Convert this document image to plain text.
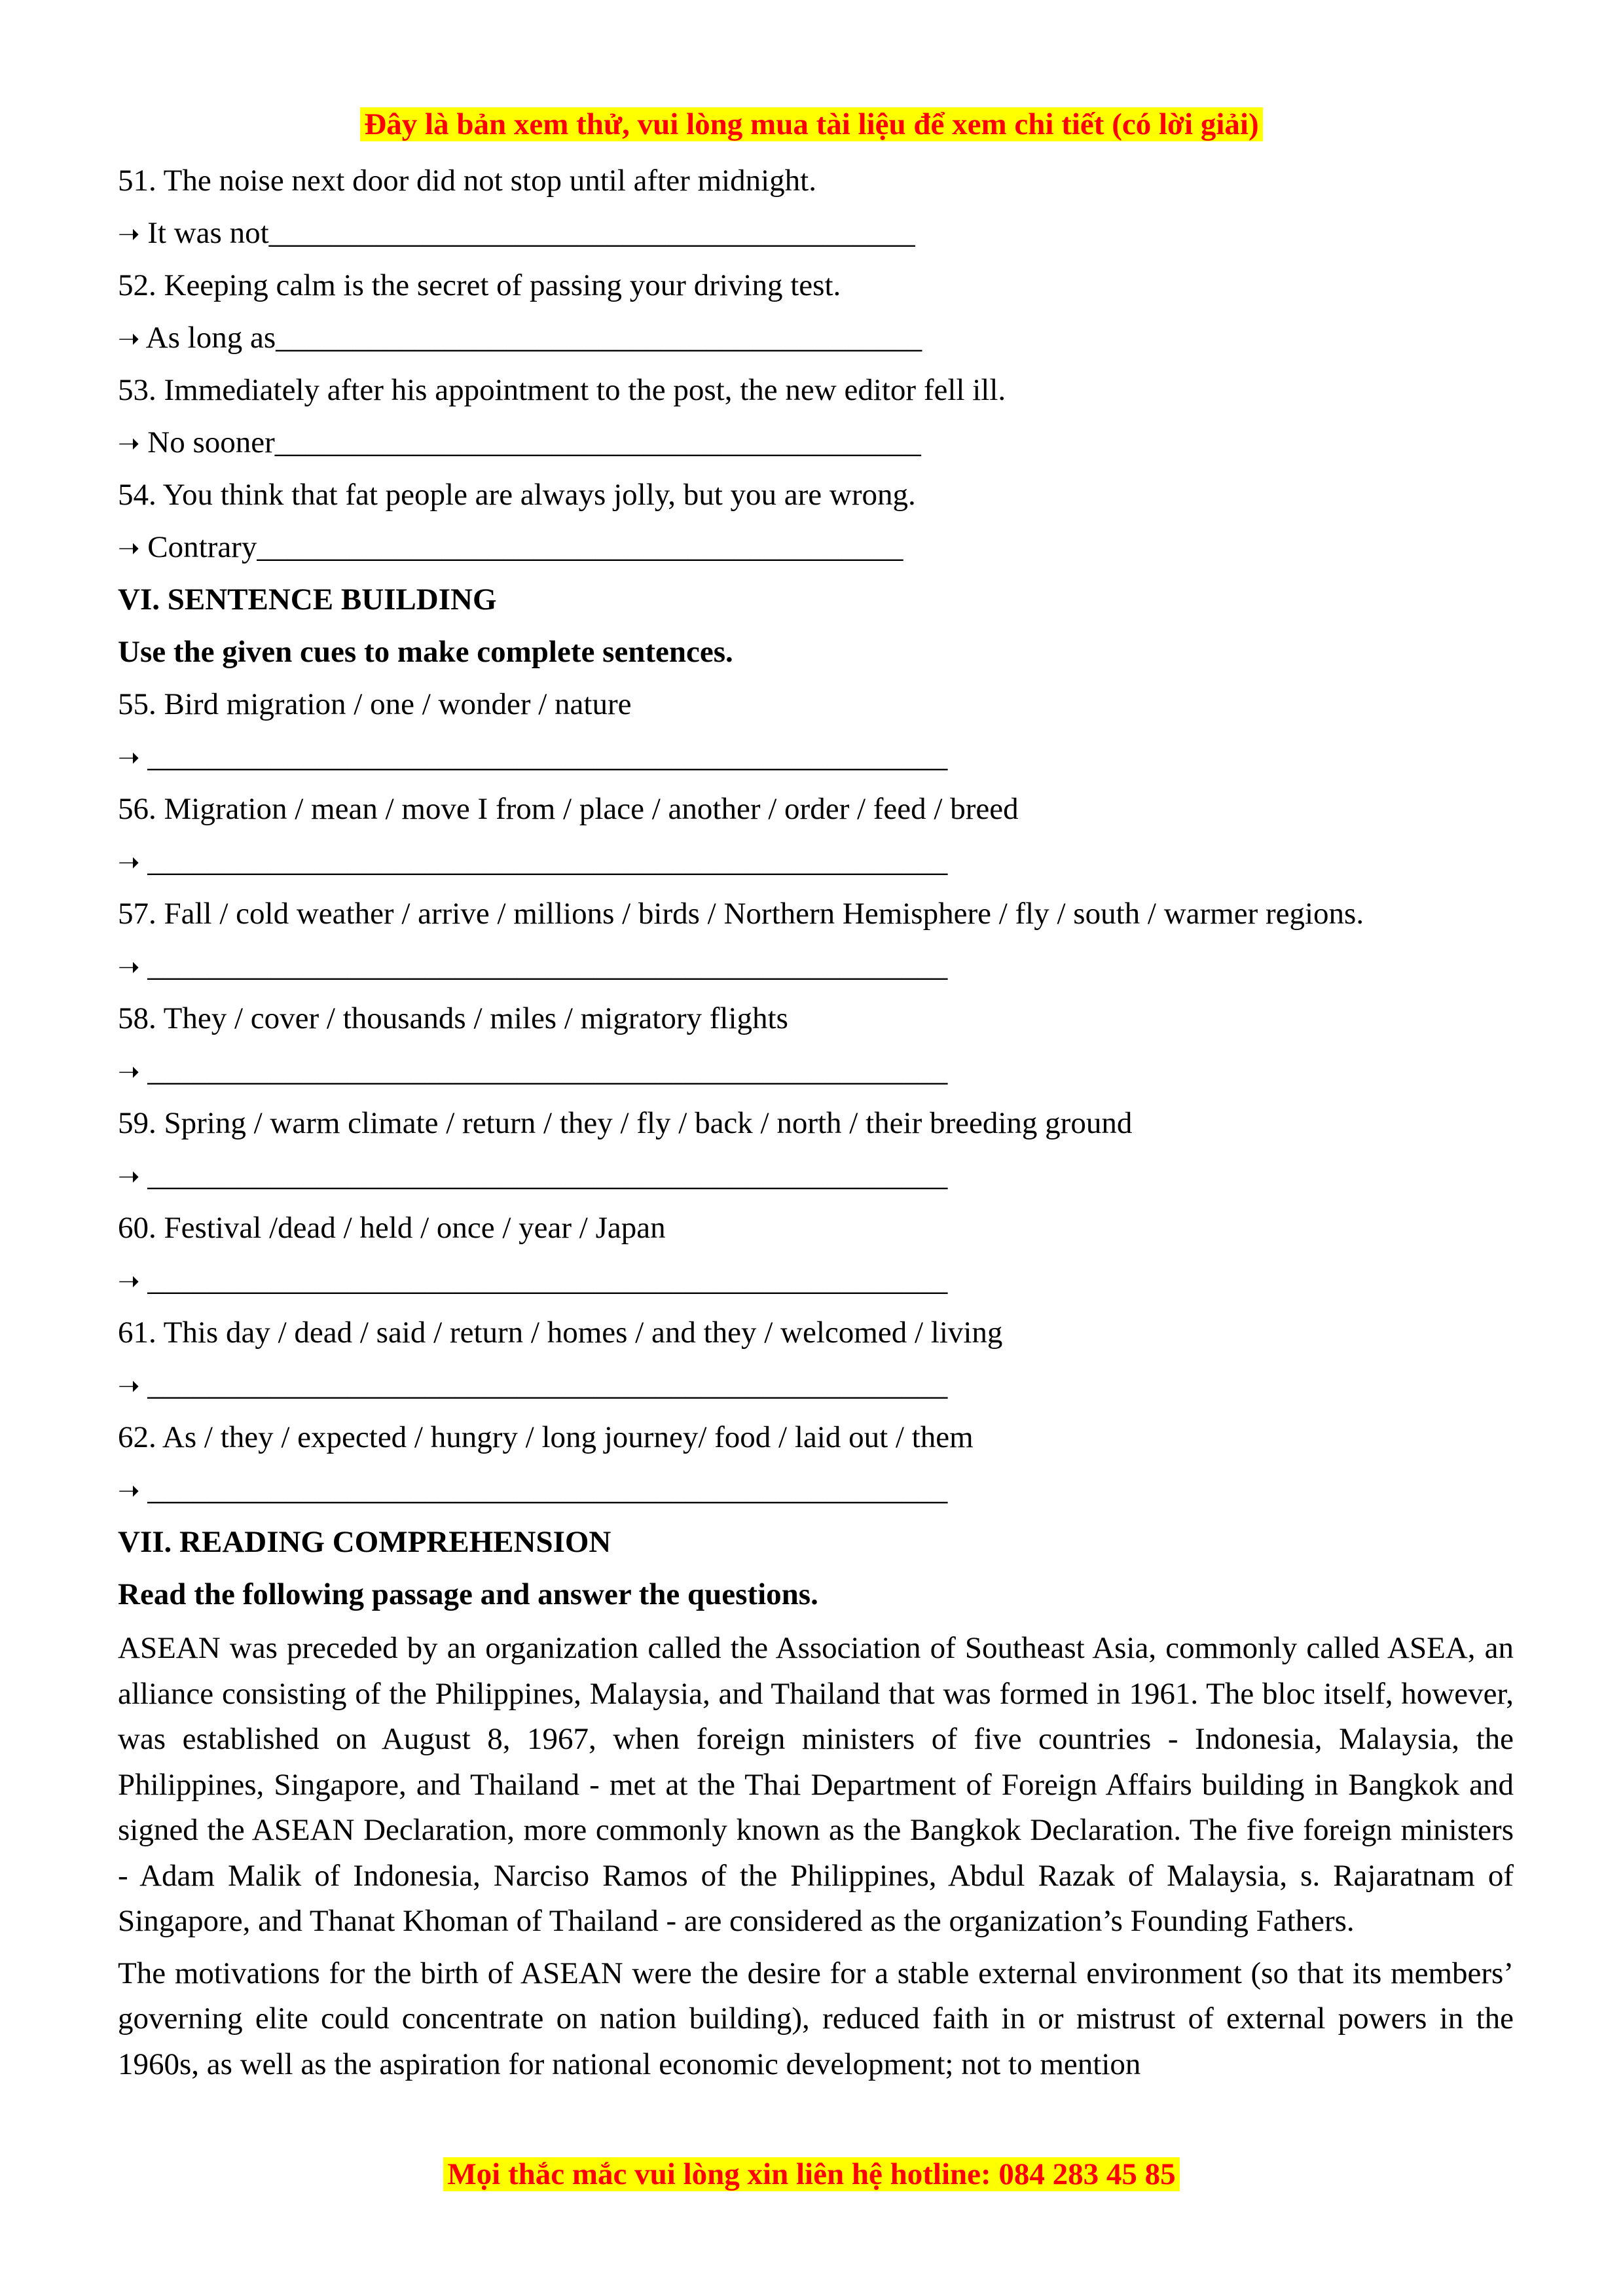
Đây là bản xem thử, vui lòng mua tài liệu để xem chi tiết (có lời giải)
51. The noise next door did not stop until after midnight.
➝ It was not__________________________________________
52. Keeping calm is the secret of passing your driving test.
➝ As long as__________________________________________
53. Immediately after his appointment to the post, the new editor fell ill.
➝ No sooner__________________________________________
54. You think that fat people are always jolly, but you are wrong.
➝ Contrary__________________________________________
VI. SENTENCE BUILDING
Use the given cues to make complete sentences.
55. Bird migration / one / wonder / nature
➝ ____________________________________________________
56. Migration / mean / move I from / place / another / order / feed / breed
➝ ____________________________________________________
57. Fall / cold weather / arrive / millions / birds / Northern Hemisphere / fly / south / warmer regions.
➝ ____________________________________________________
58. They / cover / thousands / miles / migratory flights
➝ ____________________________________________________
59. Spring / warm climate / return / they / fly / back / north / their breeding ground
➝ ____________________________________________________
60. Festival /dead / held / once / year / Japan
➝ ____________________________________________________
61. This day / dead / said / return / homes / and they / welcomed / living
➝ ____________________________________________________
62. As / they / expected / hungry / long journey/ food / laid out / them
➝ ____________________________________________________
VII. READING COMPREHENSION
Read the following passage and answer the questions.

ASEAN was preceded by an organization called the Association of Southeast Asia, commonly called ASEA, an alliance consisting of the Philippines, Malaysia, and Thailand that was formed in 1961. The bloc itself, however, was established on August 8, 1967, when foreign ministers of five countries - Indonesia, Malaysia, the Philippines, Singapore, and Thailand - met at the Thai Department of Foreign Affairs building in Bangkok and signed the ASEAN Declaration, more commonly known as the Bangkok Declaration. The five foreign ministers - Adam Malik of Indonesia, Narciso Ramos of the Philippines, Abdul Razak of Malaysia, s. Rajaratnam of Singapore, and Thanat Khoman of Thailand - are considered as the organization’s Founding Fathers.

The motivations for the birth of ASEAN were the desire for a stable external environment (so that its members’ governing elite could concentrate on nation building), reduced faith in or mistrust of external powers in the 1960s, as well as the aspiration for national economic development; not to mention

Mọi thắc mắc vui lòng xin liên hệ hotline: 084 283 45 85
